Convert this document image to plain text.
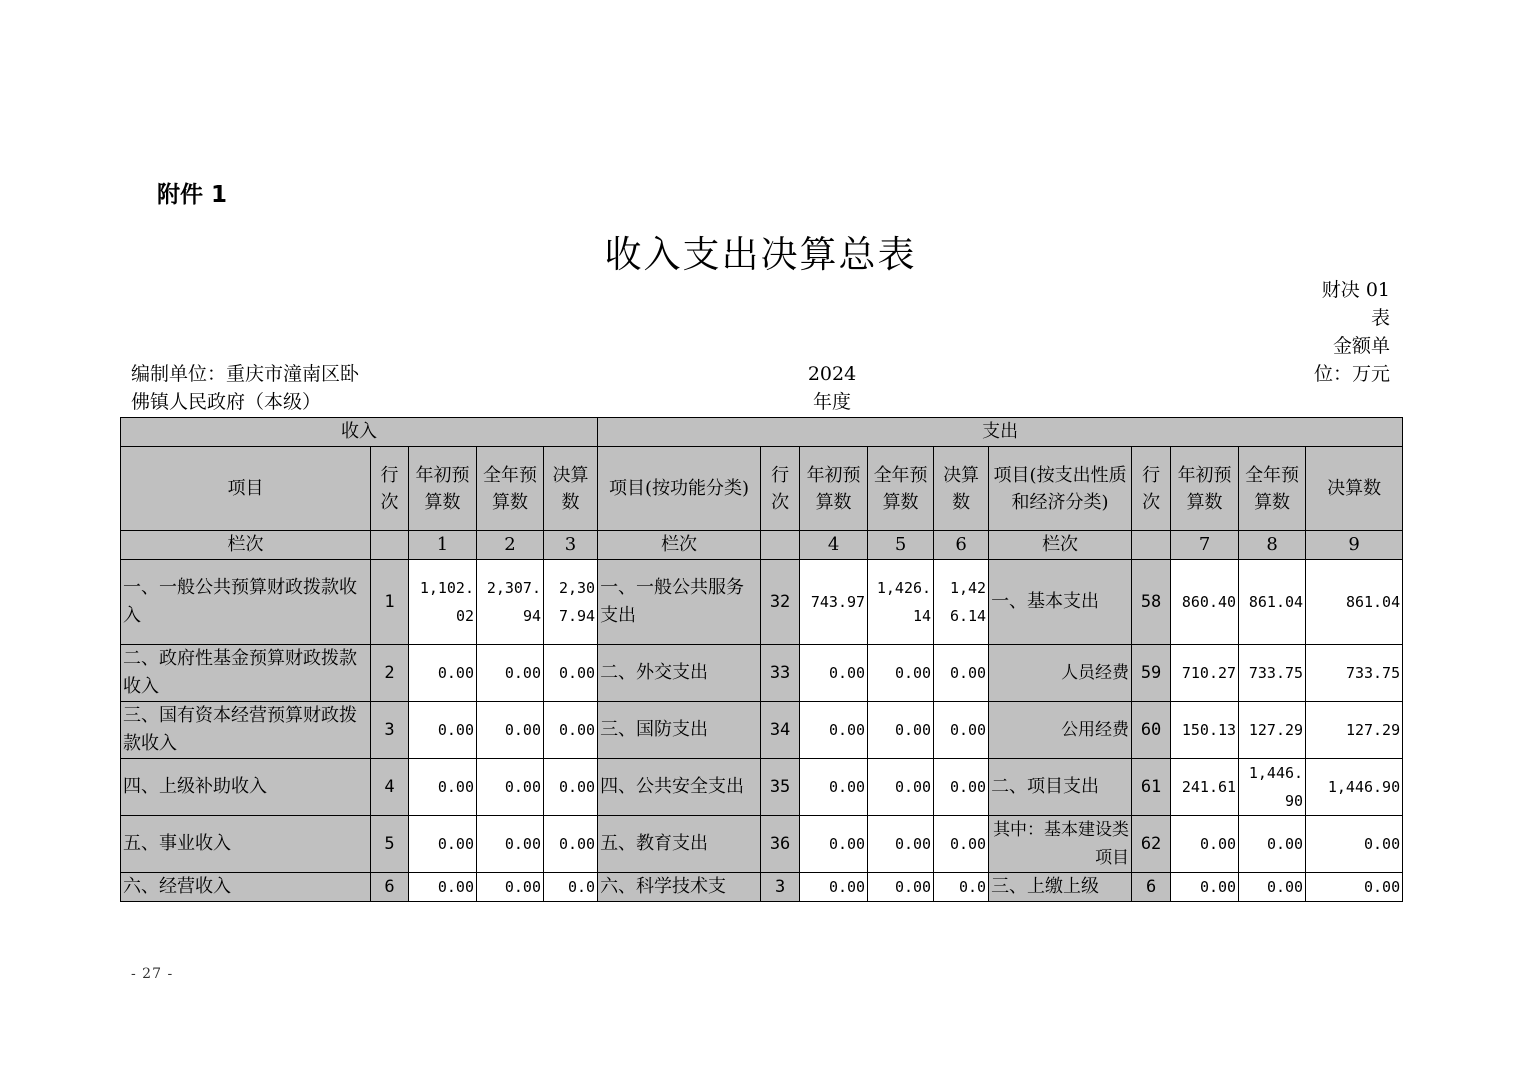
附件 1
收入支出决算总表
财决 01 表
金额单位：万元
编制单位：重庆市潼南区卧佛镇人民政府（本级）
2024 年度
收入					支出									
项目	行次	年初预算数	全年预算数	决算数	项目(按功能分类)	行次	年初预算数	全年预算数	决算数	项目(按支出性质和经济分类)	行次	年初预算数	全年预算数	决算数
栏次		1	2	3	栏次		4	5	6	栏次		7	8	9
一、一般公共预算财政拨款收入	1	1,102.02	2,307.94	2,307.94	一、一般公共服务支出	32	743.97	1,426.14	1,426.14	一、基本支出	58	860.40	861.04	861.04
二、政府性基金预算财政拨款收入	2	0.00	0.00	0.00	二、外交支出	33	0.00	0.00	0.00	人员经费	59	710.27	733.75	733.75
三、国有资本经营预算财政拨款收入	3	0.00	0.00	0.00	三、国防支出	34	0.00	0.00	0.00	公用经费	60	150.13	127.29	127.29
四、上级补助收入	4	0.00	0.00	0.00	四、公共安全支出	35	0.00	0.00	0.00	二、项目支出	61	241.61	1,446.90	1,446.90
五、事业收入	5	0.00	0.00	0.00	五、教育支出	36	0.00	0.00	0.00	其中：基本建设类项目	62	0.00	0.00	0.00
六、经营收入	6	0.00	0.00	0.0	六、科学技术支	3	0.00	0.00	0.0	三、上缴上级	6	0.00	0.00	0.00
- 27 -
